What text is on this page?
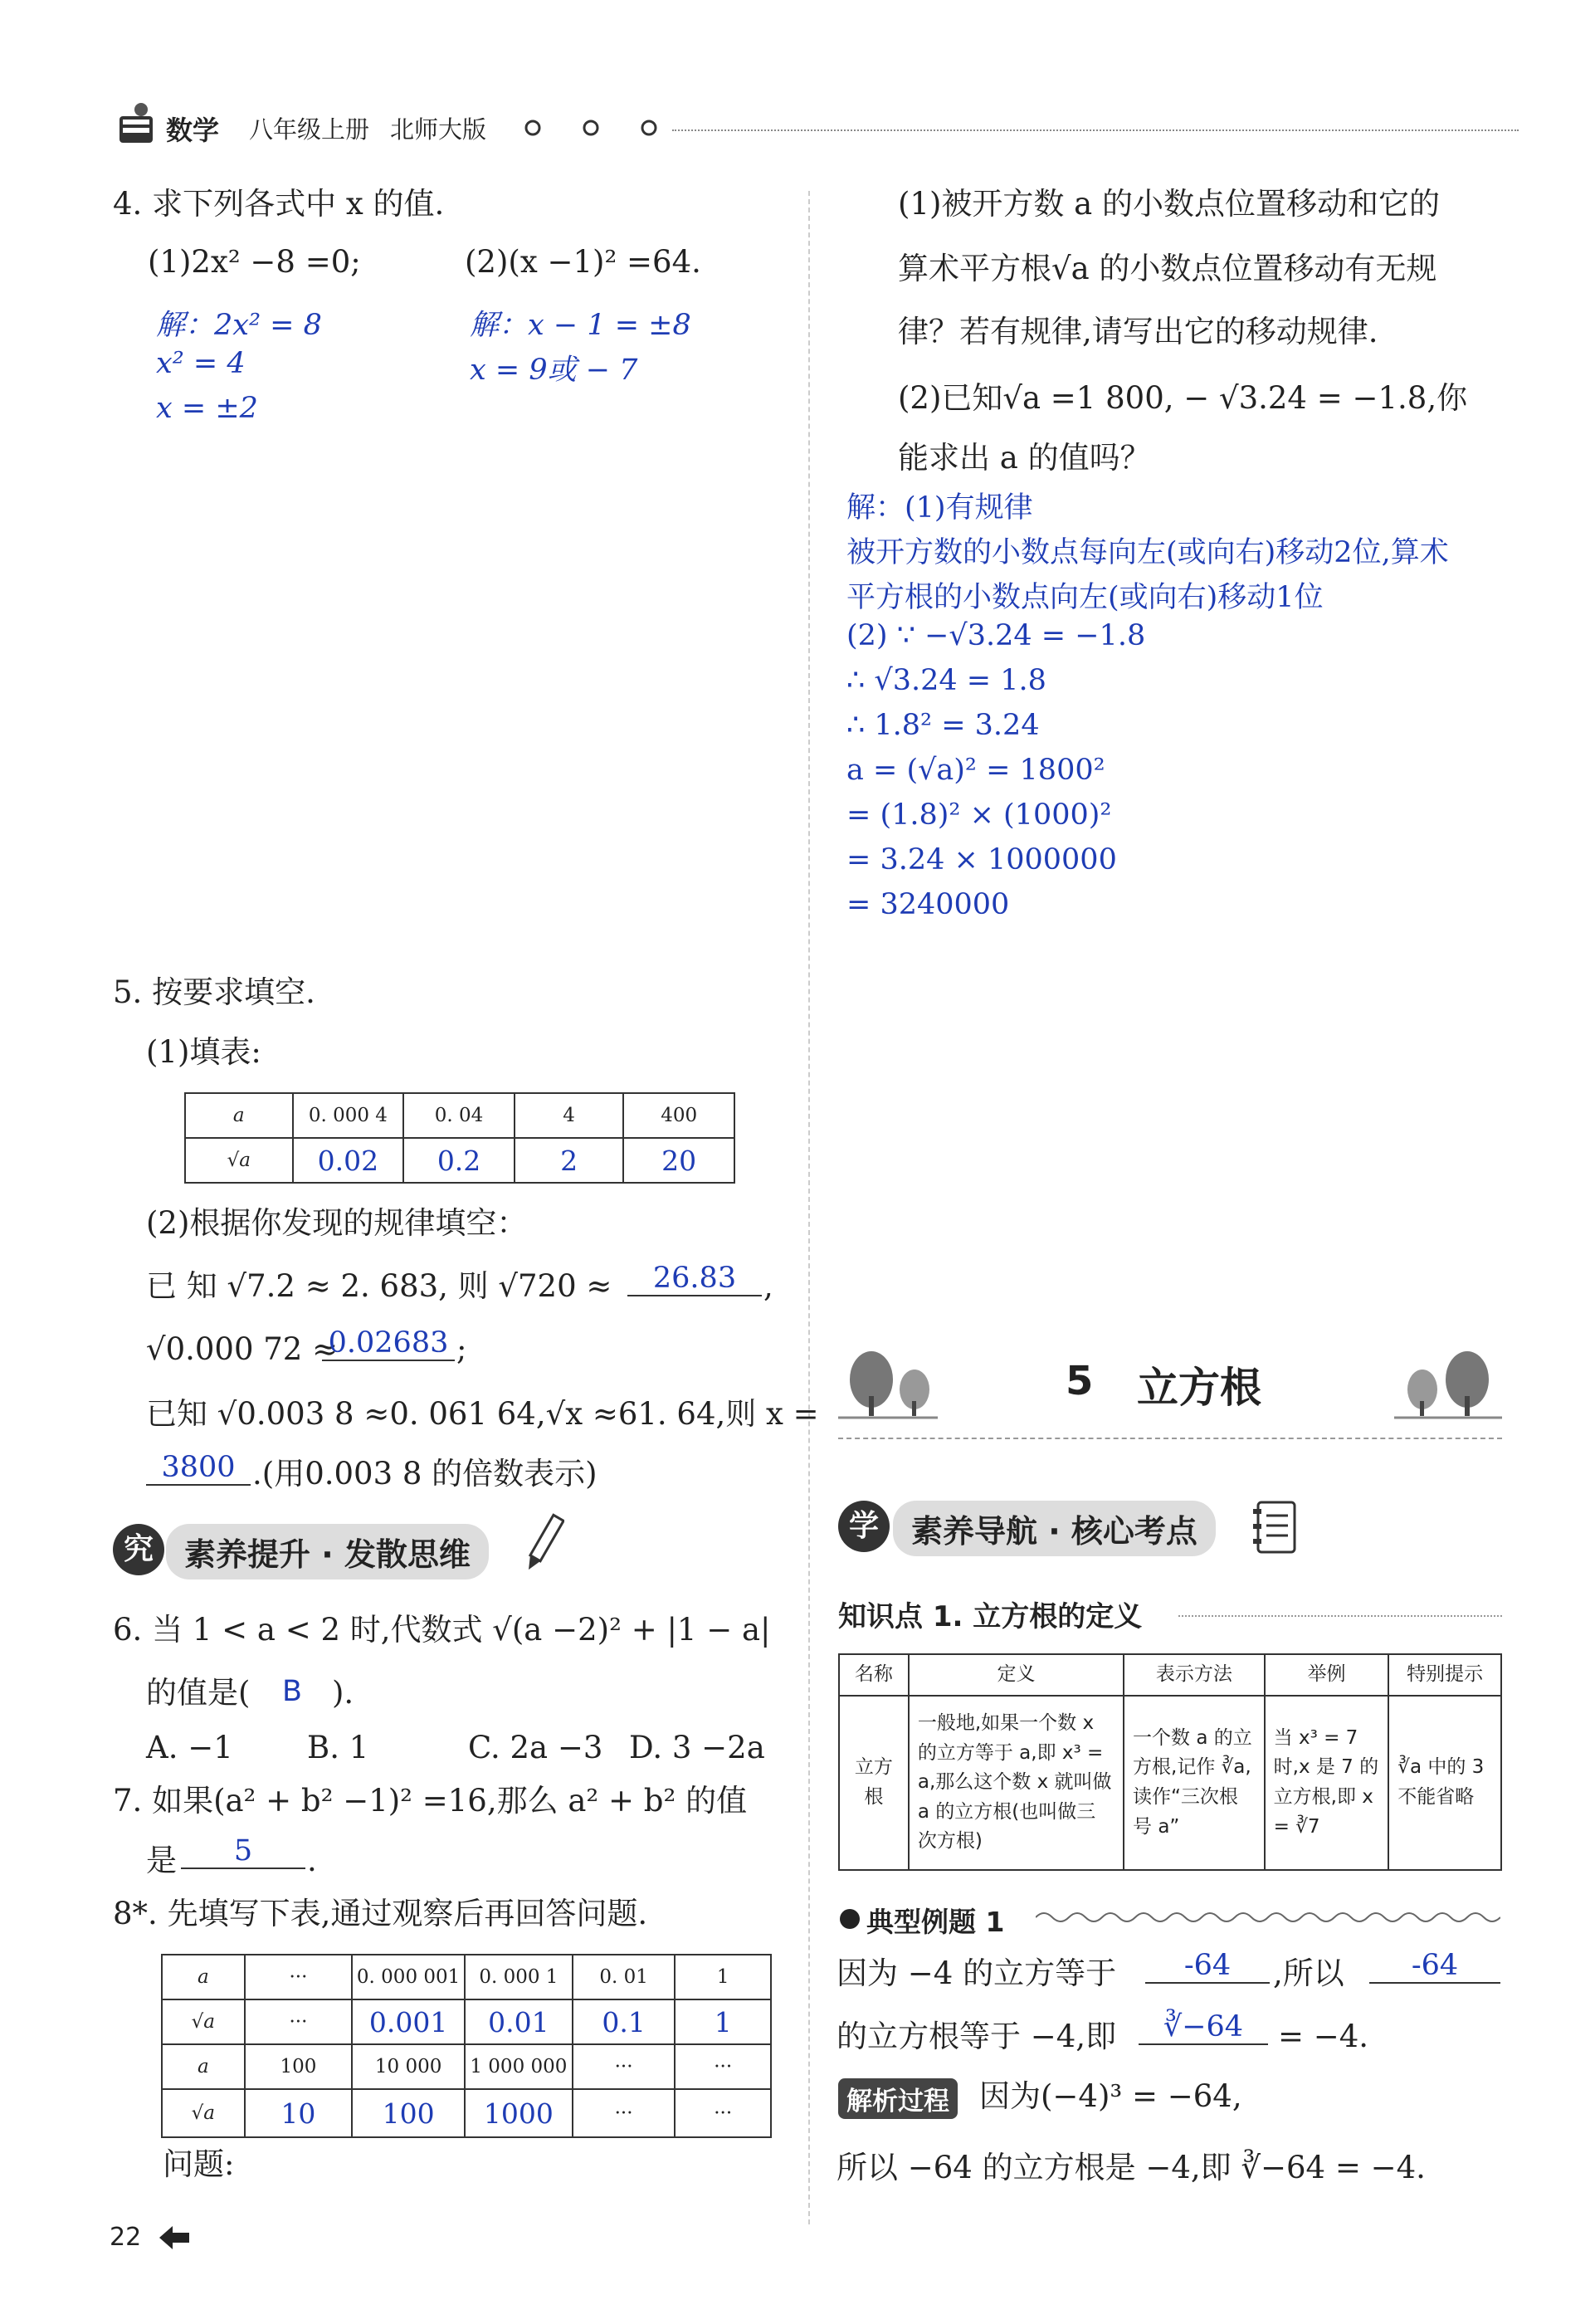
数学 八年级上册 北师大版
4. 求下列各式中 x 的值.
(1)2x² −8 =0;	(2)(x −1)² =64.
解：2x² = 8
x² = 4
x = ±2
解：x − 1 = ±8
x = 9或 − 7
(1)被开方数 a 的小数点位置移动和它的
算术平方根√a 的小数点位置移动有无规
律？若有规律,请写出它的移动规律.
(2)已知√a =1 800, − √3.24 = −1.8,你
能求出 a 的值吗？
解：(1)有规律
被开方数的小数点每向左(或向右)移动2位,算术
平方根的小数点向左(或向右)移动1位
(2) ∵ −√3.24 = −1.8
∴ √3.24 = 1.8
∴ 1.8² = 3.24
a = (√a)² = 1800²
= (1.8)² × (1000)²
= 3.24 × 1000000
= 3240000
5. 按要求填空.
(1)填表:
a	0. 000 4	0. 04	4	400
√a	0.02	0.2	2	20
(2)根据你发现的规律填空：
已 知 √7.2 ≈ 2. 683, 则 √720 ≈	26.83 ,
√0.000 72 ≈
0.02683 ;
已知 √0.003 8 ≈0. 061 64,√x ≈61. 64,则 x =
3800 .(用0.003 8 的倍数表示)
究 素养提升 · 发散思维
6. 当 1 < a < 2 时,代数式 √(a −2)² + |1 − a|
的值是( B ).
A. −1 B. 1	C. 2a −3 D. 3 −2a
7. 如果(a² + b² −1)² =16,那么 a² + b² 的值
是	5	.
8*. 先填写下表,通过观察后再回答问题.
a	···	0. 000 001	0. 000 1	0. 01	1
√a	···	0.001	0.01	0.1	1
a	100	10 000	1 000 000	···	···
√a	10	100	1000	···	···
问题:
5 立方根
学	素养导航 · 核心考点
知识点 1. 立方根的定义
名称	定义	表示方法	举例	特别提示

立方根	一般地,如果一个数 x 的立方等于 a,即 x³ = a,那么这个数 x 就叫做 a 的立方根(也叫做三次方根)	一个数 a 的立方根,记作 ∛a,读作“三次根号 a”	当 x³ = 7 时,x 是 7 的立方根,即 x = ∛7	∛a 中的 3 不能省略
典型例题 1
因为 −4 的立方等于	-64	,所以	-64
的立方根等于 −4,即	∛−64	= −4.
解析过程 因为(−4)³ = −64,
所以 −64 的立方根是 −4,即 ∛−64 = −4.
22
